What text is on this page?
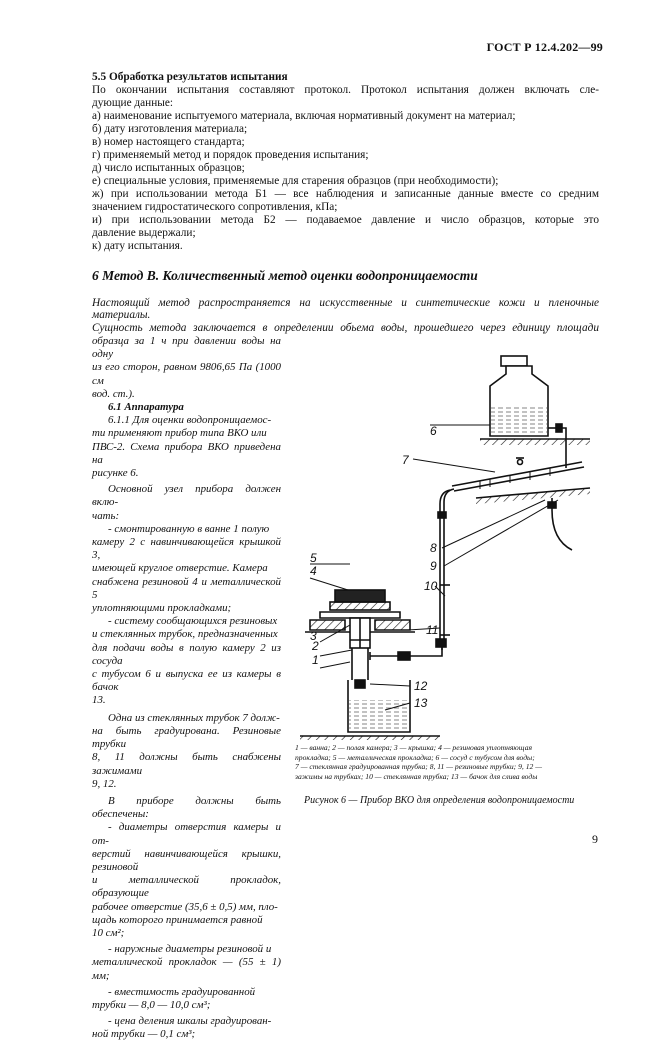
ГОСТ Р 12.4.202—99
5.5 Обработка результатов испытания
По окончании испытания составляют протокол. Протокол испытания должен включать сле-
дующие данные:
а) наименование испытуемого материала, включая нормативный документ на материал;
б) дату изготовления материала;
в) номер настоящего стандарта;
г) применяемый метод и порядок проведения испытания;
д) число испытанных образцов;
е) специальные условия, применяемые для старения образцов (при необходимости);
ж) при использовании метода Б1 — все наблюдения и записанные данные вместе со средним
значением гидростатического сопротивления, кПа;
и) при использовании метода Б2 — подаваемое давление и число образцов, которые это
давление выдержали;
к) дату испытания.
6 Метод В. Количественный метод оценки водопроницаемости
Настоящий метод распространяется на искусственные и синтетические кожи и пленочные
материалы.
Сущность метода заключается в определении обьема воды, прошедшего через единицу площади
образца за 1 ч при давлении воды на одну
из его сторон, равном 9806,65 Па (1000 см
вод. ст.).
6.1 Аппаратура
6.1.1 Для оценки водопроницаемос-
ти применяют прибор типа ВКО или
ПВС-2. Схема прибора ВКО приведена на
рисунке 6.
Основной узел прибора должен вклю-
чать:
- смонтированную в ванне 1 полую
камеру 2 с навинчивающейся крышкой 3,
имеющей круглое отверстие. Камера
снабжена резиновой 4 и металлической 5
уплотняющими прокладками;
- систему сообщающихся резиновых
и стеклянных трубок, предназначенных
для подачи воды в полую камеру 2 из сосуда
с тубусом 6 и выпуска ее из камеры в бачок
13.
Одна из стеклянных трубок 7 долж-
на быть градуирована. Резиновые трубки
8, 11 должны быть снабжены зажимами
9, 12.
В приборе должны быть обеспечены:
- диаметры отверстия камеры и от-
верстий навинчивающейся крышки, резиновой
и металлической прокладок, образующие
рабочее отверстие (35,6 ± 0,5) мм, пло-
щадь которого принимается равной
10 см²;
- наружные диаметры резиновой и
металлической прокладок — (55 ± 1) мм;
- вместимость градуированной
трубки — 8,0 — 10,0 см³;
- цена деления шкалы градуирован-
ной трубки — 0,1 см³;
1
2
3
4
5
6
7
8
9
10
11
12
13
1 — ванна; 2 — полая камера; 3 — крышка; 4 — резиновая уплотняющая
прокладка; 5 — металлическая прокладка; 6 — сосуд с тубусом для воды;
7 — стеклянная градуированная трубка; 8, 11 — резиновые трубки; 9, 12 —
зажимы на трубках; 10 — стеклянная трубка; 13 — бачок для слива воды
Рисунок 6 — Прибор ВКО для определения водопроницаемости
9
